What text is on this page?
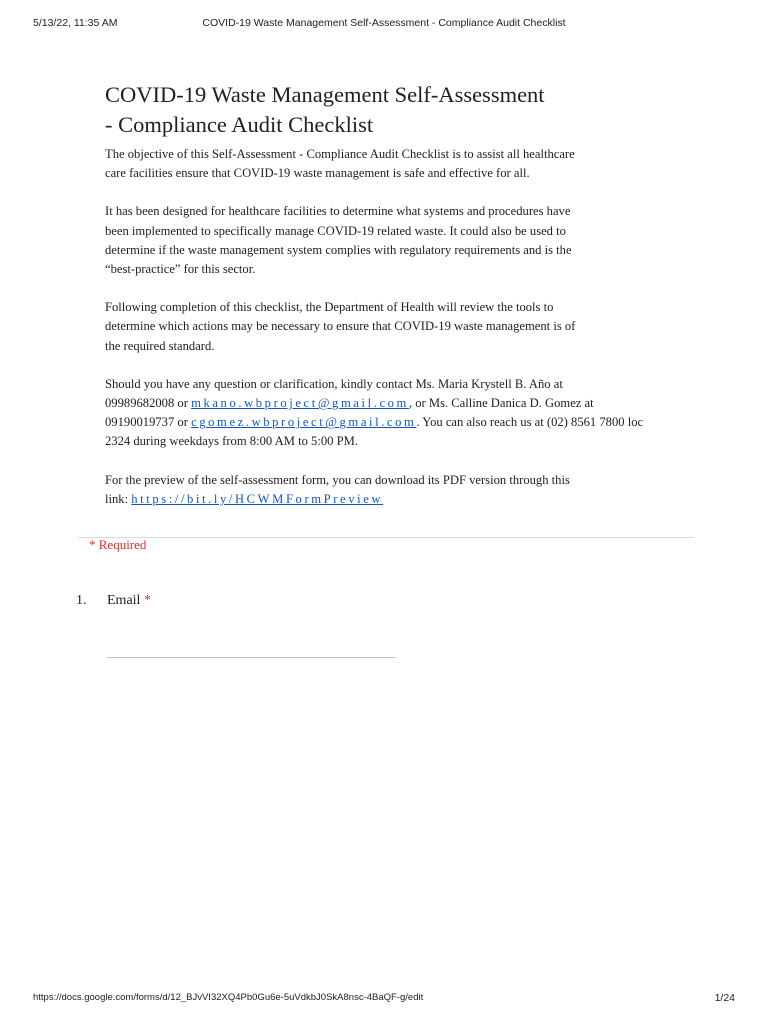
5/13/22, 11:35 AM	COVID-19 Waste Management Self-Assessment - Compliance Audit Checklist
COVID-19 Waste Management Self-Assessment
- Compliance Audit Checklist

The objective of this Self-Assessment - Compliance Audit Checklist is to assist all healthcare
care facilities ensure that COVID-19 waste management is safe and effective for all.

It has been designed for healthcare facilities to determine what systems and procedures have
been implemented to specifically manage COVID-19 related waste. It could also be used to
determine if the waste management system complies with regulatory requirements and is the
“best-practice” for this sector.

Following completion of this checklist, the Department of Health will review the tools to
determine which actions may be necessary to ensure that COVID-19 waste management is of
the required standard.

Should you have any question or clarification, kindly contact Ms. Maria Krystell B. Año at
09989682008 or mkano.wbproject@gmail.com, or Ms. Calline Danica D. Gomez at
09190019737 or cgomez.wbproject@gmail.com. You can also reach us at (02) 8561 7800 loc
2324 during weekdays from 8:00 AM to 5:00 PM.
For the preview of the self-assessment form, you can download its PDF version through this
link: https://bit.ly/HCWMFormPreview
* Required
1. Email *
https://docs.google.com/forms/d/12_BJvVI32XQ4Pb0Gu6e-5uVdkbJ0SkA8nsc-4BaQF-g/edit	1/24
